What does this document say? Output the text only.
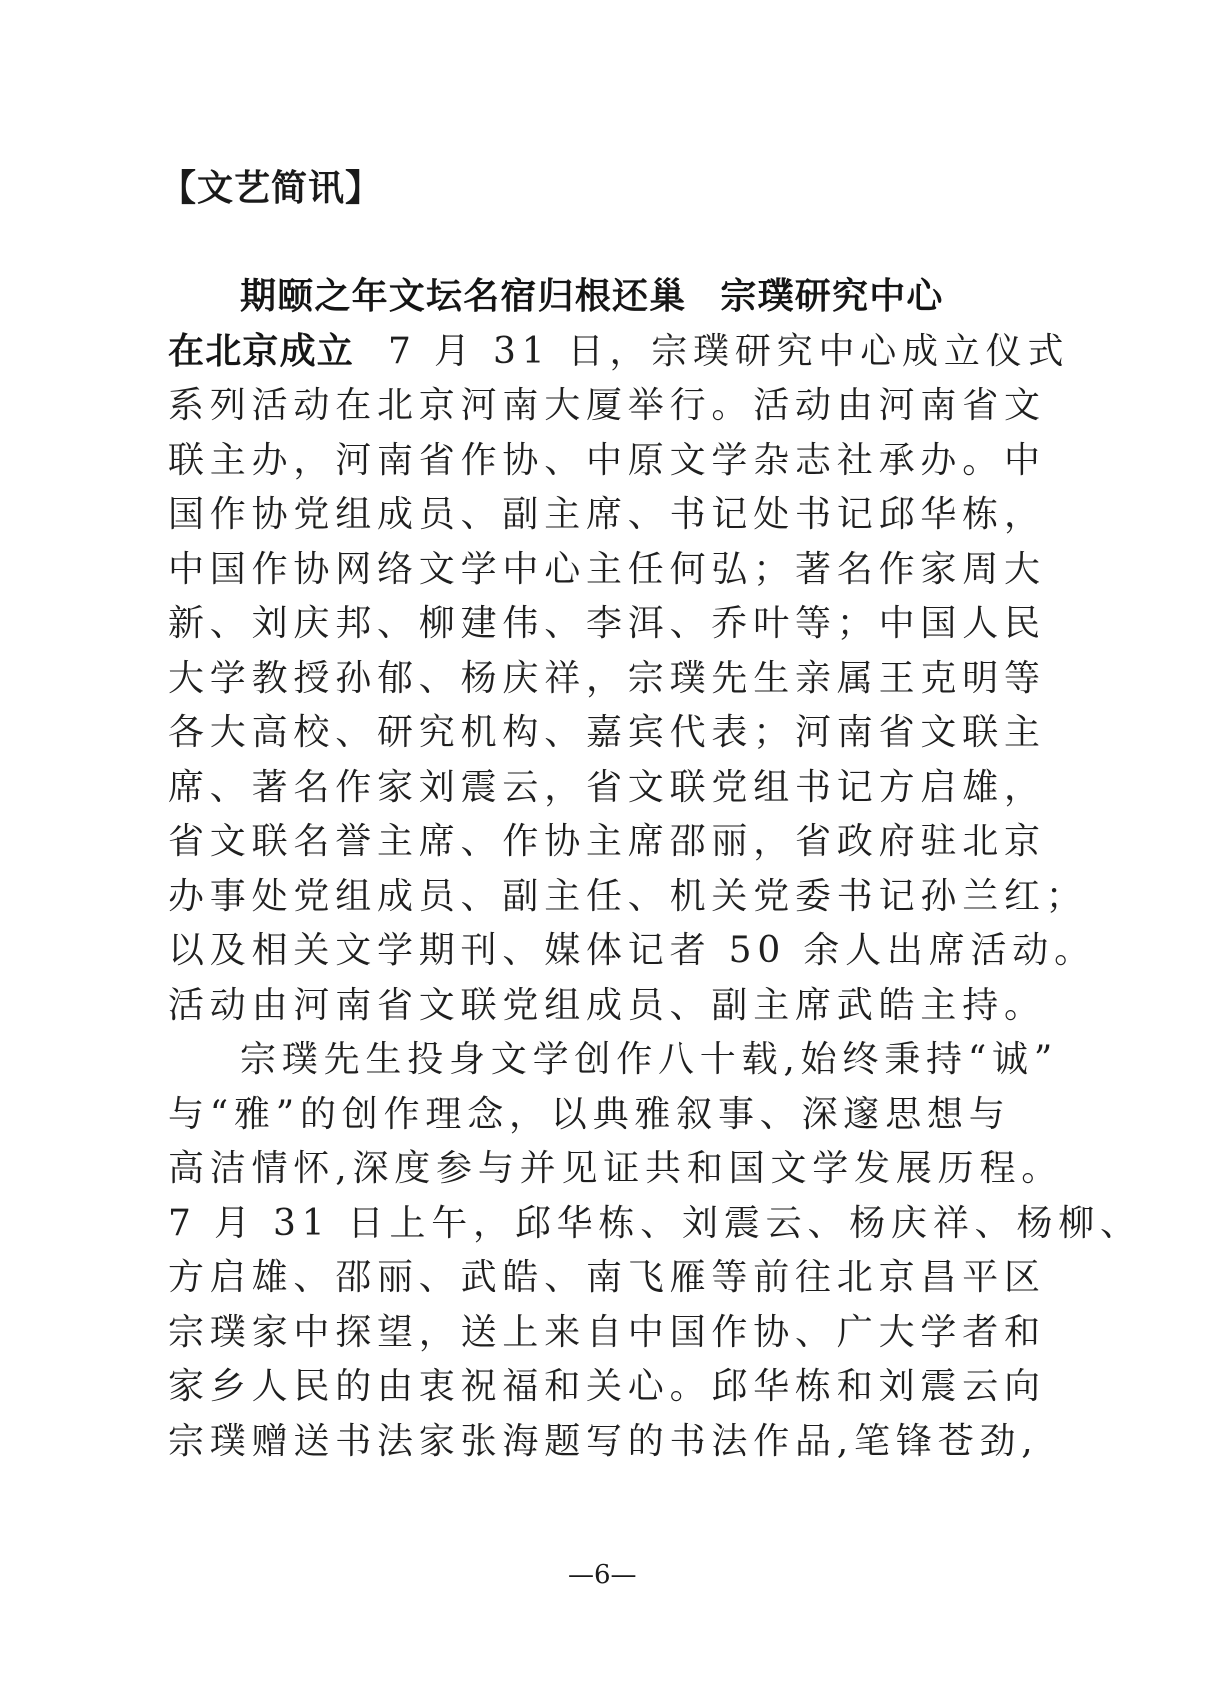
【文艺简讯】
期颐之年文坛名宿归根还巢 宗璞研究中心
在北京成立 7 月 31 日，宗璞研究中心成立仪式
系列活动在北京河南大厦举行。活动由河南省文
联主办，河南省作协、中原文学杂志社承办。中
国作协党组成员、副主席、书记处书记邱华栋，
中国作协网络文学中心主任何弘；著名作家周大
新、刘庆邦、柳建伟、李洱、乔叶等；中国人民
大学教授孙郁、杨庆祥，宗璞先生亲属王克明等
各大高校、研究机构、嘉宾代表；河南省文联主
席、著名作家刘震云，省文联党组书记方启雄，
省文联名誉主席、作协主席邵丽，省政府驻北京
办事处党组成员、副主任、机关党委书记孙兰红；
以及相关文学期刊、媒体记者 50 余人出席活动。
活动由河南省文联党组成员、副主席武皓主持。
宗璞先生投身文学创作八十载,始终秉持“诚”
与“雅”的创作理念，以典雅叙事、深邃思想与
高洁情怀,深度参与并见证共和国文学发展历程。
7 月 31 日上午，邱华栋、刘震云、杨庆祥、杨柳、
方启雄、邵丽、武皓、南飞雁等前往北京昌平区
宗璞家中探望，送上来自中国作协、广大学者和
家乡人民的由衷祝福和关心。邱华栋和刘震云向
宗璞赠送书法家张海题写的书法作品,笔锋苍劲,
—6—
